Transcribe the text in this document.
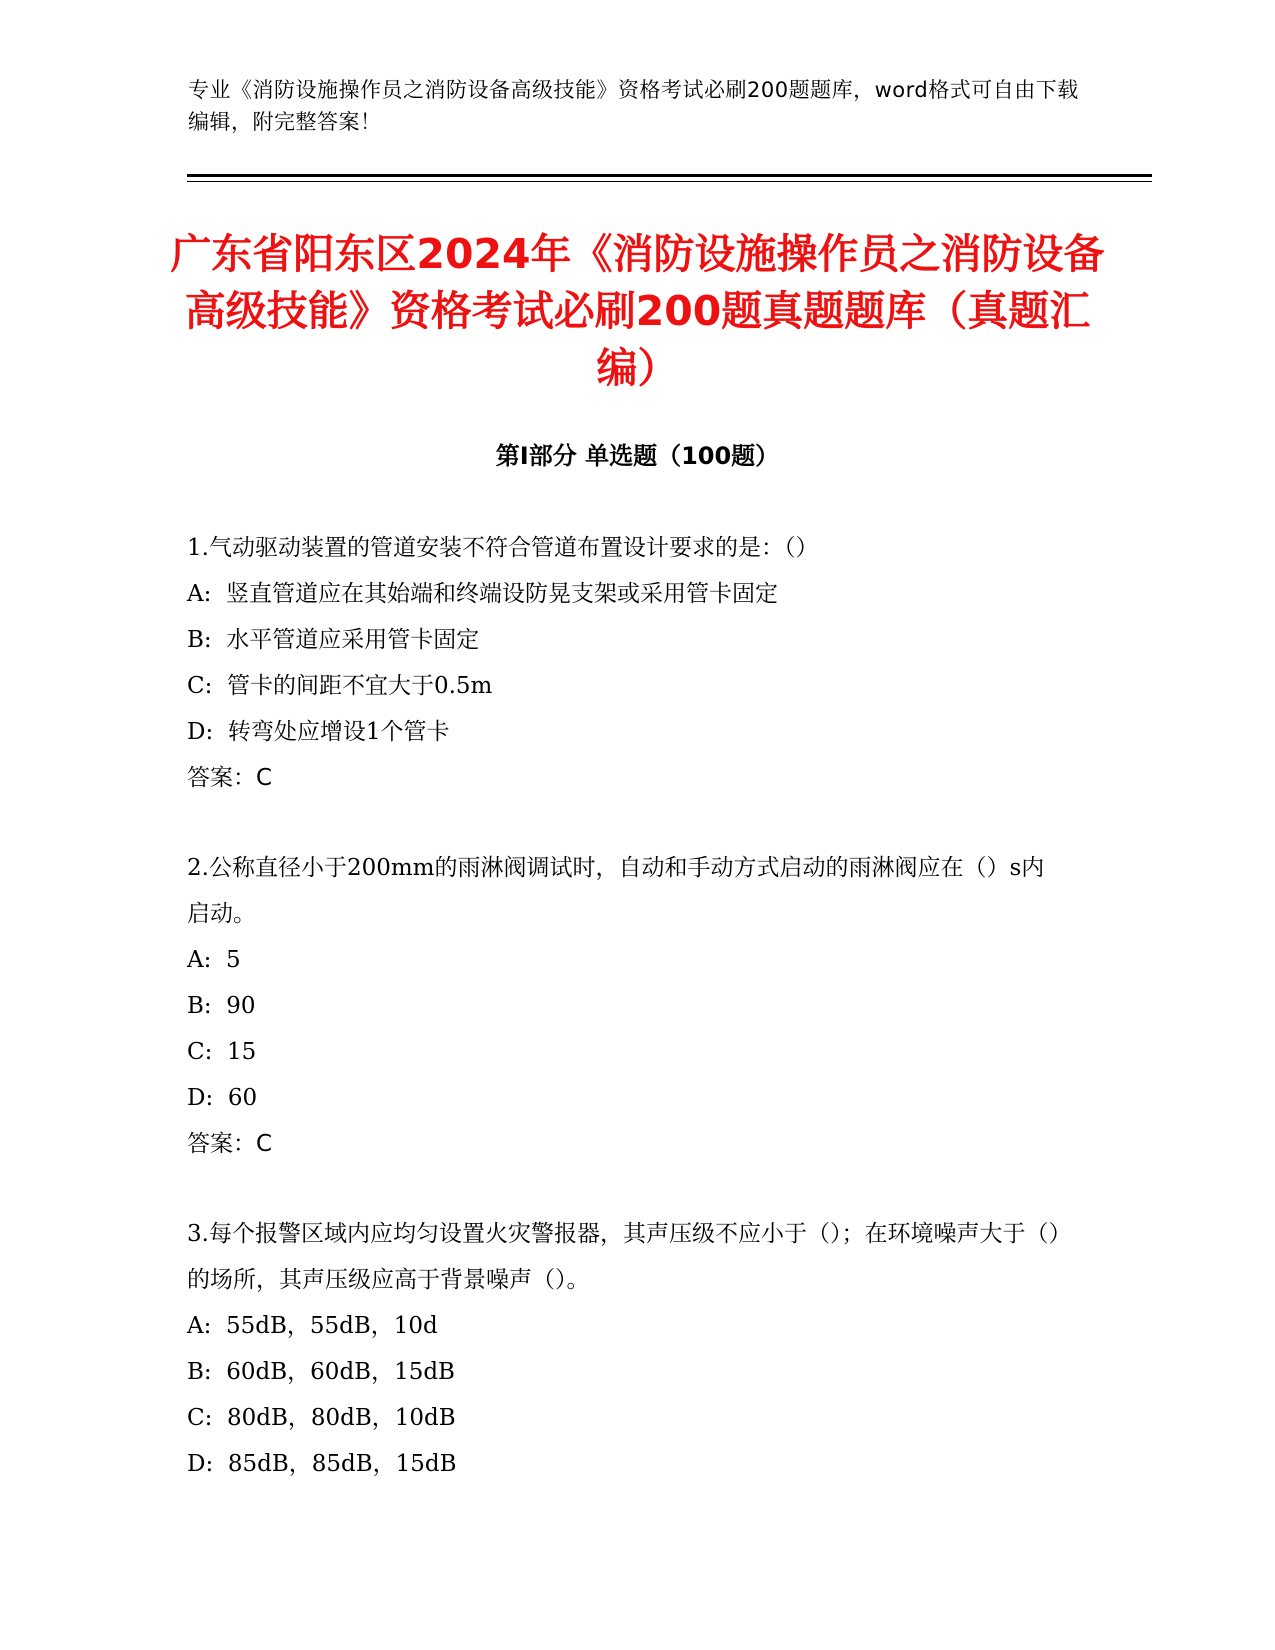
专业《消防设施操作员之消防设备高级技能》资格考试必刷200题题库，word格式可自由下载编辑，附完整答案！
广东省阳东区2024年《消防设施操作员之消防设备高级技能》资格考试必刷200题真题题库（真题汇编）
第I部分 单选题（100题）

1.气动驱动装置的管道安装不符合管道布置设计要求的是：（）

A:
竖直管道应在其始端和终端设防晃支架或采用管卡固定

B:
水平管道应采用管卡固定

C:
管卡的间距不宜大于0.5m

D:
转弯处应增设1个管卡

答案：C

2.公称直径小于200mm的雨淋阀调试时，自动和手动方式启动的雨淋阀应在（）s内启动。

A:
5

B:
90

C:
15

D:
60

答案：C

3.每个报警区域内应均匀设置火灾警报器，其声压级不应小于（）；在环境噪声大于（）的场所，其声压级应高于背景噪声（）。

A:
55dB，55dB，10d

B:
60dB，60dB，15dB

C:
80dB，80dB，10dB

D:
85dB，85dB，15dB
